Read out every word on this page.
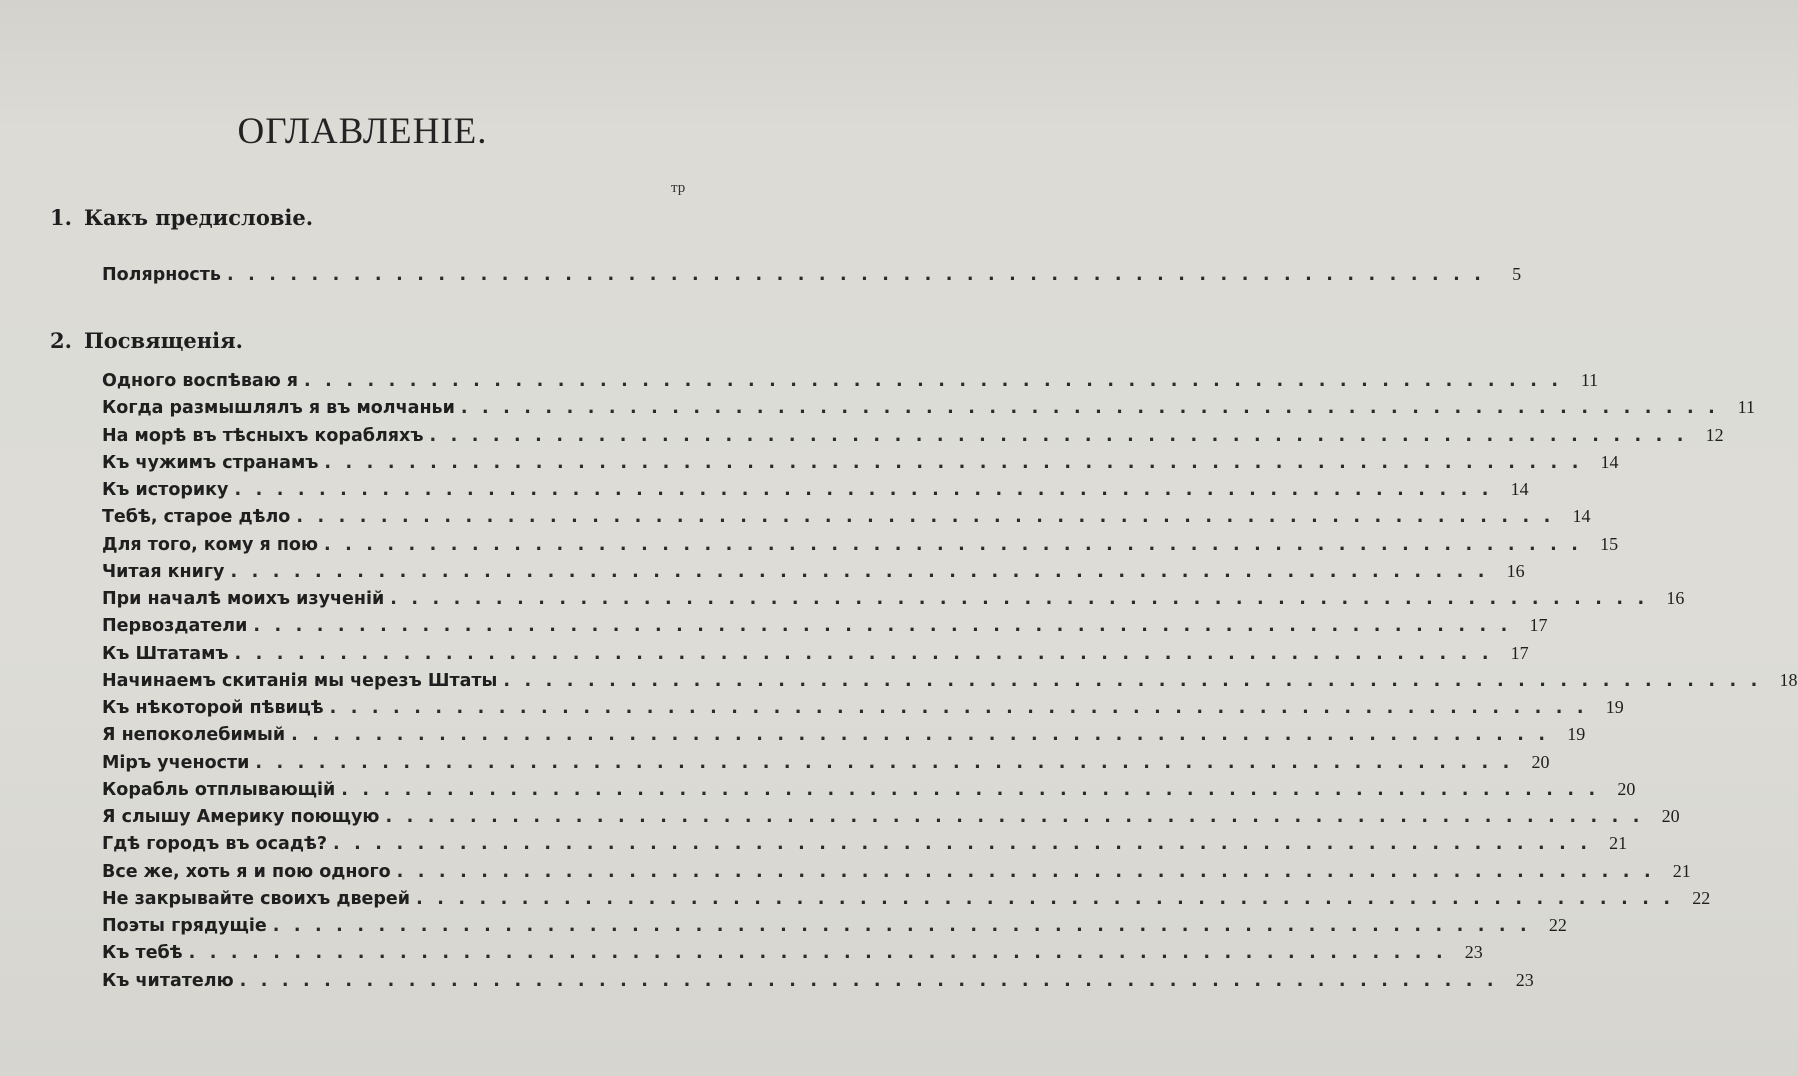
ОГЛАВЛЕНIЕ.
тр
1. Какъ предисловiе.
Полярность . . . . . . . . . . . . . . . . . . . . . . . . . . . . . . . . . . . . . . . . . . . . . . . . . . . . . . . . . . . .	5
2. Посвященiя.
Одного воспѣваю я . . . . . . . . . . . . . . . . . . . . . . . . . . . . . . . . . . . . . . . . . . . . . . . . . . . . . . . . . . . .	11
Когда размышлялъ я въ молчаньи . . . . . . . . . . . . . . . . . . . . . . . . . . . . . . . . . . . . . . . . . . . . . . . . . . . . . . . . . . . .	11
На морѣ въ тѣсныхъ корабляхъ . . . . . . . . . . . . . . . . . . . . . . . . . . . . . . . . . . . . . . . . . . . . . . . . . . . . . . . . . . . .	12
Къ чужимъ странамъ . . . . . . . . . . . . . . . . . . . . . . . . . . . . . . . . . . . . . . . . . . . . . . . . . . . . . . . . . . . .	14
Къ историку . . . . . . . . . . . . . . . . . . . . . . . . . . . . . . . . . . . . . . . . . . . . . . . . . . . . . . . . . . . .	14
Тебѣ, старое дѣло . . . . . . . . . . . . . . . . . . . . . . . . . . . . . . . . . . . . . . . . . . . . . . . . . . . . . . . . . . . .	14
Для того, кому я пою . . . . . . . . . . . . . . . . . . . . . . . . . . . . . . . . . . . . . . . . . . . . . . . . . . . . . . . . . . . .	15
Читая книгу . . . . . . . . . . . . . . . . . . . . . . . . . . . . . . . . . . . . . . . . . . . . . . . . . . . . . . . . . . . .	16
При началѣ моихъ изученiй . . . . . . . . . . . . . . . . . . . . . . . . . . . . . . . . . . . . . . . . . . . . . . . . . . . . . . . . . . . .	16
Первоздатели . . . . . . . . . . . . . . . . . . . . . . . . . . . . . . . . . . . . . . . . . . . . . . . . . . . . . . . . . . . .	17
Къ Штатамъ . . . . . . . . . . . . . . . . . . . . . . . . . . . . . . . . . . . . . . . . . . . . . . . . . . . . . . . . . . . .	17
Начинаемъ скитанiя мы черезъ Штаты . . . . . . . . . . . . . . . . . . . . . . . . . . . . . . . . . . . . . . . . . . . . . . . . . . . . . . . . . . . .	18
Къ нѣкоторой пѣвицѣ . . . . . . . . . . . . . . . . . . . . . . . . . . . . . . . . . . . . . . . . . . . . . . . . . . . . . . . . . . . .	19
Я непоколебимый . . . . . . . . . . . . . . . . . . . . . . . . . . . . . . . . . . . . . . . . . . . . . . . . . . . . . . . . . . . .	19
Мiръ учености . . . . . . . . . . . . . . . . . . . . . . . . . . . . . . . . . . . . . . . . . . . . . . . . . . . . . . . . . . . .	20
Корабль отплывающiй . . . . . . . . . . . . . . . . . . . . . . . . . . . . . . . . . . . . . . . . . . . . . . . . . . . . . . . . . . . .	20
Я слышу Америку поющую . . . . . . . . . . . . . . . . . . . . . . . . . . . . . . . . . . . . . . . . . . . . . . . . . . . . . . . . . . . .	20
Гдѣ городъ въ осадѣ? . . . . . . . . . . . . . . . . . . . . . . . . . . . . . . . . . . . . . . . . . . . . . . . . . . . . . . . . . . . .	21
Все же, хоть я и пою одного . . . . . . . . . . . . . . . . . . . . . . . . . . . . . . . . . . . . . . . . . . . . . . . . . . . . . . . . . . . .	21
Не закрывайте своихъ дверей . . . . . . . . . . . . . . . . . . . . . . . . . . . . . . . . . . . . . . . . . . . . . . . . . . . . . . . . . . . .	22
Поэты грядущiе . . . . . . . . . . . . . . . . . . . . . . . . . . . . . . . . . . . . . . . . . . . . . . . . . . . . . . . . . . . .	22
Къ тебѣ . . . . . . . . . . . . . . . . . . . . . . . . . . . . . . . . . . . . . . . . . . . . . . . . . . . . . . . . . . . .	23
Къ читателю . . . . . . . . . . . . . . . . . . . . . . . . . . . . . . . . . . . . . . . . . . . . . . . . . . . . . . . . . . . .	23
